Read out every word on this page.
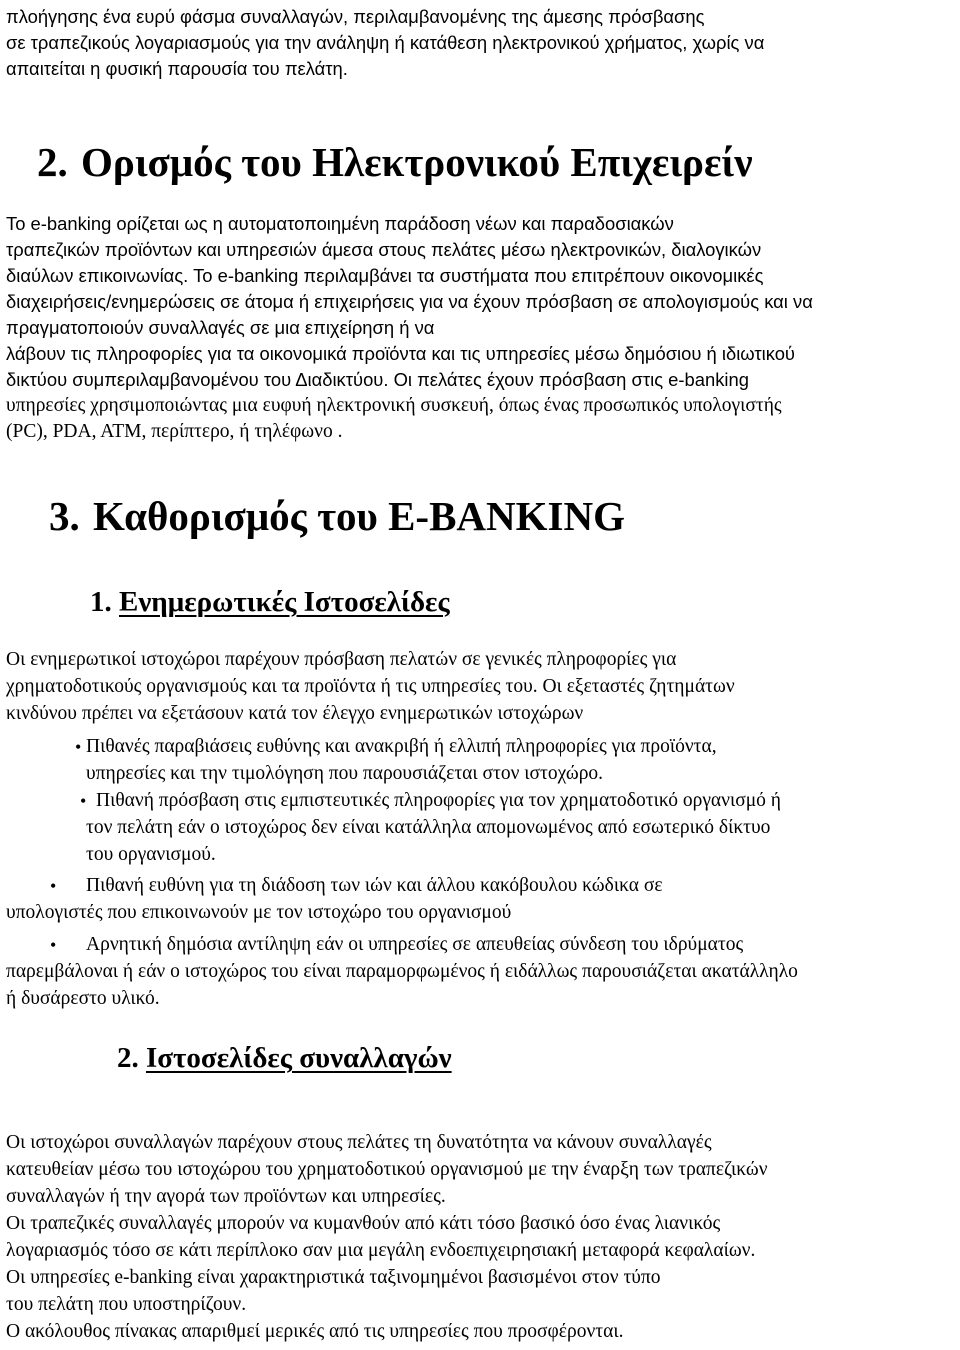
πλοήγησης ένα ευρύ φάσμα συναλλαγών, περιλαμβανομένης της άμεσης πρόσβασης
σε τραπεζικούς λογαριασμούς για την ανάληψη ή κατάθεση ηλεκτρονικού χρήματος, χωρίς να
απαιτείται η φυσική παρουσία του πελάτη.
2. Ορισμός του Ηλεκτρονικού Επιχειρείν
Το e-banking ορίζεται ως η αυτοματοποιημένη παράδοση νέων και παραδοσιακών
τραπεζικών προϊόντων και υπηρεσιών άμεσα στους πελάτες μέσω ηλεκτρονικών, διαλογικών
διαύλων επικοινωνίας. Το e-banking περιλαμβάνει τα συστήματα που επιτρέπουν οικονομικές
διαχειρήσεις/ενημερώσεις σε άτομα ή επιχειρήσεις για να έχουν πρόσβαση σε απολογισμούς και να
πραγματοποιούν συναλλαγές σε μια επιχείρηση ή να
λάβουν τις πληροφορίες για τα οικονομικά προϊόντα και τις υπηρεσίες μέσω δημόσιου ή ιδιωτικού
δικτύου συμπεριλαμβανομένου του Διαδικτύου. Οι πελάτες έχουν πρόσβαση στις e-banking
υπηρεσίες χρησιμοποιώντας μια ευφυή ηλεκτρονική συσκευή, όπως ένας προσωπικός υπολογιστής
(PC), PDA, ATM, περίπτερο, ή τηλέφωνο .
3. Καθορισμός του E-BANKING
1. Ενημερωτικές Ιστοσελίδες
Οι ενημερωτικοί ιστοχώροι παρέχουν πρόσβαση πελατών σε γενικές πληροφορίες για
χρηματοδοτικούς οργανισμούς και τα προϊόντα ή τις υπηρεσίες του. Οι εξεταστές ζητημάτων
κινδύνου πρέπει να εξετάσουν κατά τον έλεγχο ενημερωτικών ιστοχώρων
• Πιθανές παραβιάσεις ευθύνης και ανακριβή ή ελλιπή πληροφορίες για προϊόντα,
υπηρεσίες και την τιμολόγηση που παρουσιάζεται στον ιστοχώρο.
• Πιθανή πρόσβαση στις εμπιστευτικές πληροφορίες για τον χρηματοδοτικό οργανισμό ή
τον πελάτη εάν ο ιστοχώρος δεν είναι κατάλληλα απομονωμένος από εσωτερικό δίκτυο
του οργανισμού.
• Πιθανή ευθύνη για τη διάδοση των ιών και άλλου κακόβουλου κώδικα σε
υπολογιστές που επικοινωνούν με τον ιστοχώρο του οργανισμού
• Αρνητική δημόσια αντίληψη εάν οι υπηρεσίες σε απευθείας σύνδεση του ιδρύματος
παρεμβάλοναι ή εάν ο ιστοχώρος του είναι παραμορφωμένος ή ειδάλλως παρουσιάζεται ακατάλληλο
ή δυσάρεστο υλικό.
2. Ιστοσελίδες συναλλαγών
Οι ιστοχώροι συναλλαγών παρέχουν στους πελάτες τη δυνατότητα να κάνουν συναλλαγές
κατευθείαν μέσω του ιστοχώρου του χρηματοδοτικού οργανισμού με την έναρξη των τραπεζικών
συναλλαγών ή την αγορά των προϊόντων και υπηρεσίες.
Οι τραπεζικές συναλλαγές μπορούν να κυμανθούν από κάτι τόσο βασικό όσο ένας λιανικός
λογαριασμός τόσο σε κάτι περίπλοκο σαν μια μεγάλη ενδοεπιχειρησιακή μεταφορά κεφαλαίων.
Οι υπηρεσίες e-banking είναι χαρακτηριστικά ταξινομημένοι βασισμένοι στον τύπο
του πελάτη που υποστηρίζουν.
Ο ακόλουθος πίνακας απαριθμεί μερικές από τις υπηρεσίες που προσφέρονται.
